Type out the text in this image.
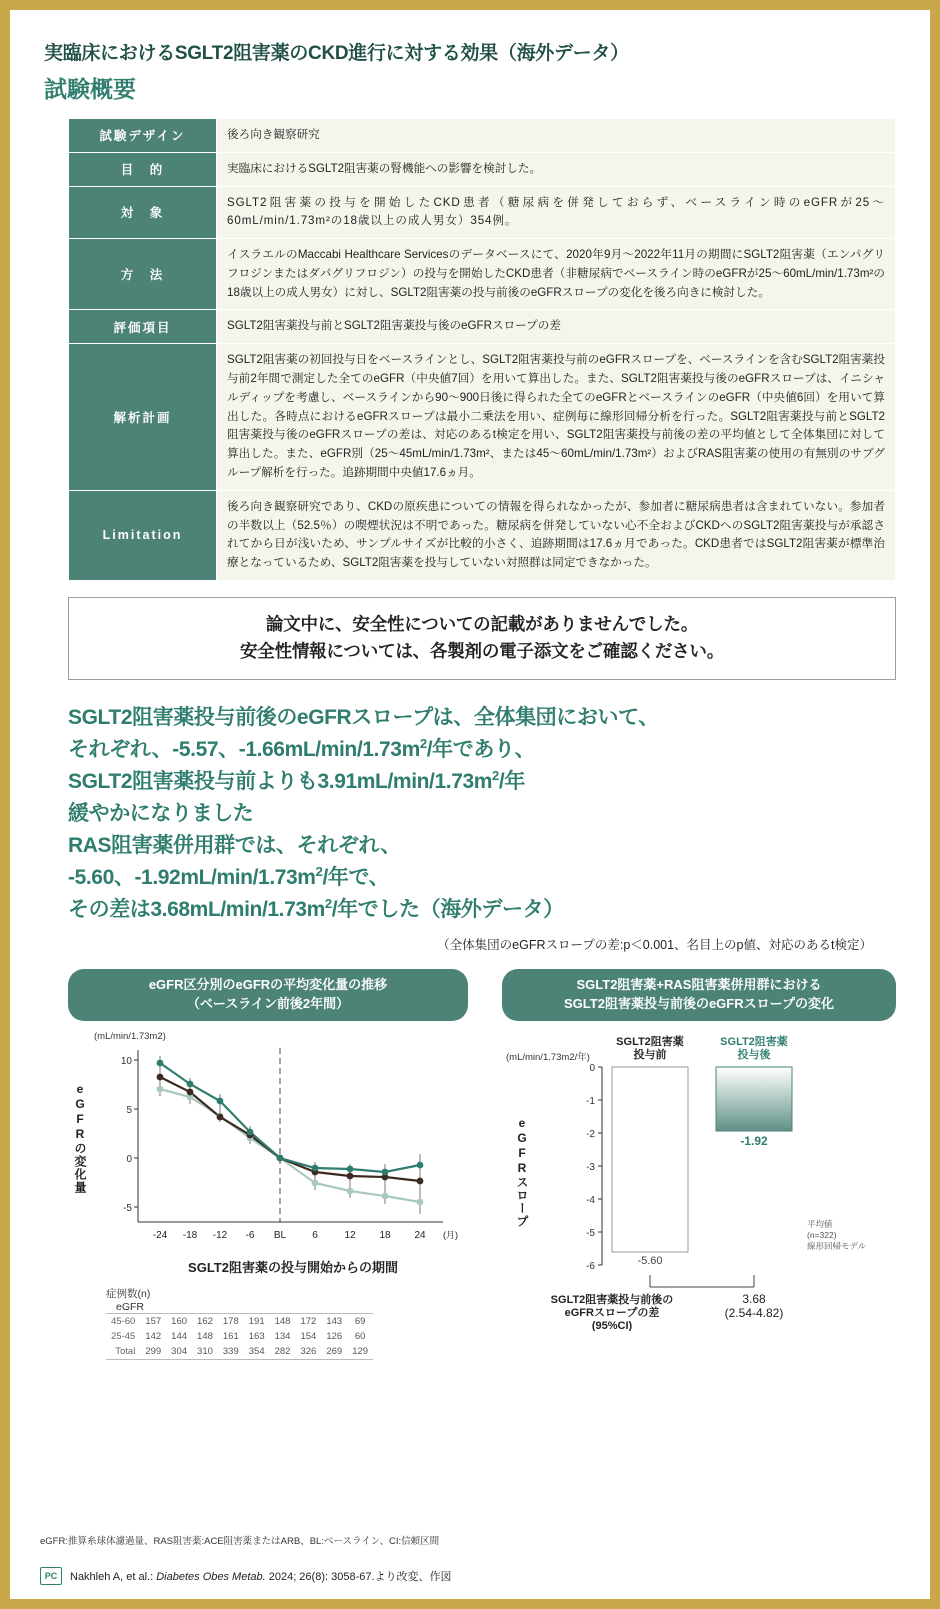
実臨床におけるSGLT2阻害薬のCKD進行に対する効果（海外データ）
試験概要
試験デザイン	後ろ向き観察研究
目　的	実臨床におけるSGLT2阻害薬の腎機能への影響を検討した。
対　象	SGLT2阻害薬の投与を開始したCKD患者（糖尿病を併発しておらず、ベースライン時のeGFRが25〜60mL/min/1.73m²の18歳以上の成人男女）354例。
方　法	イスラエルのMaccabi Healthcare Servicesのデータベースにて、2020年9月〜2022年11月の期間にSGLT2阻害薬（エンパグリフロジンまたはダパグリフロジン）の投与を開始したCKD患者（非糖尿病でベースライン時のeGFRが25〜60mL/min/1.73m²の18歳以上の成人男女）に対し、SGLT2阻害薬の投与前後のeGFRスロープの変化を後ろ向きに検討した。
評価項目	SGLT2阻害薬投与前とSGLT2阻害薬投与後のeGFRスロープの差
解析計画	SGLT2阻害薬の初回投与日をベースラインとし、SGLT2阻害薬投与前のeGFRスロープを、ベースラインを含むSGLT2阻害薬投与前2年間で測定した全てのeGFR（中央値7回）を用いて算出した。また、SGLT2阻害薬投与後のeGFRスロープは、イニシャルディップを考慮し、ベースラインから90〜900日後に得られた全てのeGFRとベースラインのeGFR（中央値6回）を用いて算出した。各時点におけるeGFRスロープは最小二乗法を用い、症例毎に線形回帰分析を行った。SGLT2阻害薬投与前とSGLT2阻害薬投与後のeGFRスロープの差は、対応のあるt検定を用い、SGLT2阻害薬投与前後の差の平均値として全体集団に対して算出した。また、eGFR別（25〜45mL/min/1.73m²、または45〜60mL/min/1.73m²）およびRAS阻害薬の使用の有無別のサブグループ解析を行った。追跡期間中央値17.6ヵ月。
Limitation	後ろ向き観察研究であり、CKDの原疾患についての情報を得られなかったが、参加者に糖尿病患者は含まれていない。参加者の半数以上（52.5％）の喫煙状況は不明であった。糖尿病を併発していない心不全およびCKDへのSGLT2阻害薬投与が承認されてから日が浅いため、サンプルサイズが比較的小さく、追跡期間は17.6ヵ月であった。CKD患者ではSGLT2阻害薬が標準治療となっているため、SGLT2阻害薬を投与していない対照群は同定できなかった。
論文中に、安全性についての記載がありませんでした。
安全性情報については、各製剤の電子添文をご確認ください。
SGLT2阻害薬投与前後のeGFRスロープは、全体集団において、
それぞれ、-5.57、$-1.66mL/\min/1.73m^2/$年であり、
SGLT2阻害薬投与前よりも$3.91mL/\min/1.73m^2/$年
緩やかになりました
RAS阻害薬併用群では、それぞれ、
-5.60、$-1.92mL/\min/1.73m^2/$年で、
その差は$3.68mL/\min/1.73m^2/$年でした（海外データ）
（全体集団のeGFRスロープの差:p＜0.001、名目上のp値、対応のあるt検定）
eGFR区分別のeGFRの平均変化量の推移
（ベースライン前後2年間）
(mL/min/1.73m2)
eGFRの変化量
10
5
0
-5
-24 -18 -12 -6 BL	6	12 18 24 (月)
SGLT2阻害薬の投与開始からの期間
症例数(n)
eGFR
45-60	157	160	162	178	191	148	172	143	69
25-45	142	144	148	161	163	134	154	126	60
Total	299	304	310	339	354	282	326	269	129
SGLT2阻害薬+RAS阻害薬併用群における
SGLT2阻害薬投与前後のeGFRスロープの変化
(mL/min/1.73m2/年)
eGFRスロープ
SGLT2阻害薬
投与前
SGLT2阻害薬
投与後
0
-1
-2
-3
-4
-5
-6	-5.60
-1.92
平均値
(n=322)
線形回帰モデル
SGLT2阻害薬投与前後の
eGFRスロープの差
(95%CI)
3.68
(2.54-4.82)
eGFR:推算糸球体濾過量、RAS阻害薬:ACE阻害薬またはARB、BL:ベースライン、CI:信頼区間
PC	Nakhleh A, et al.: Diabetes Obes Metab. 2024; 26(8): 3058-67.より改変、作図
